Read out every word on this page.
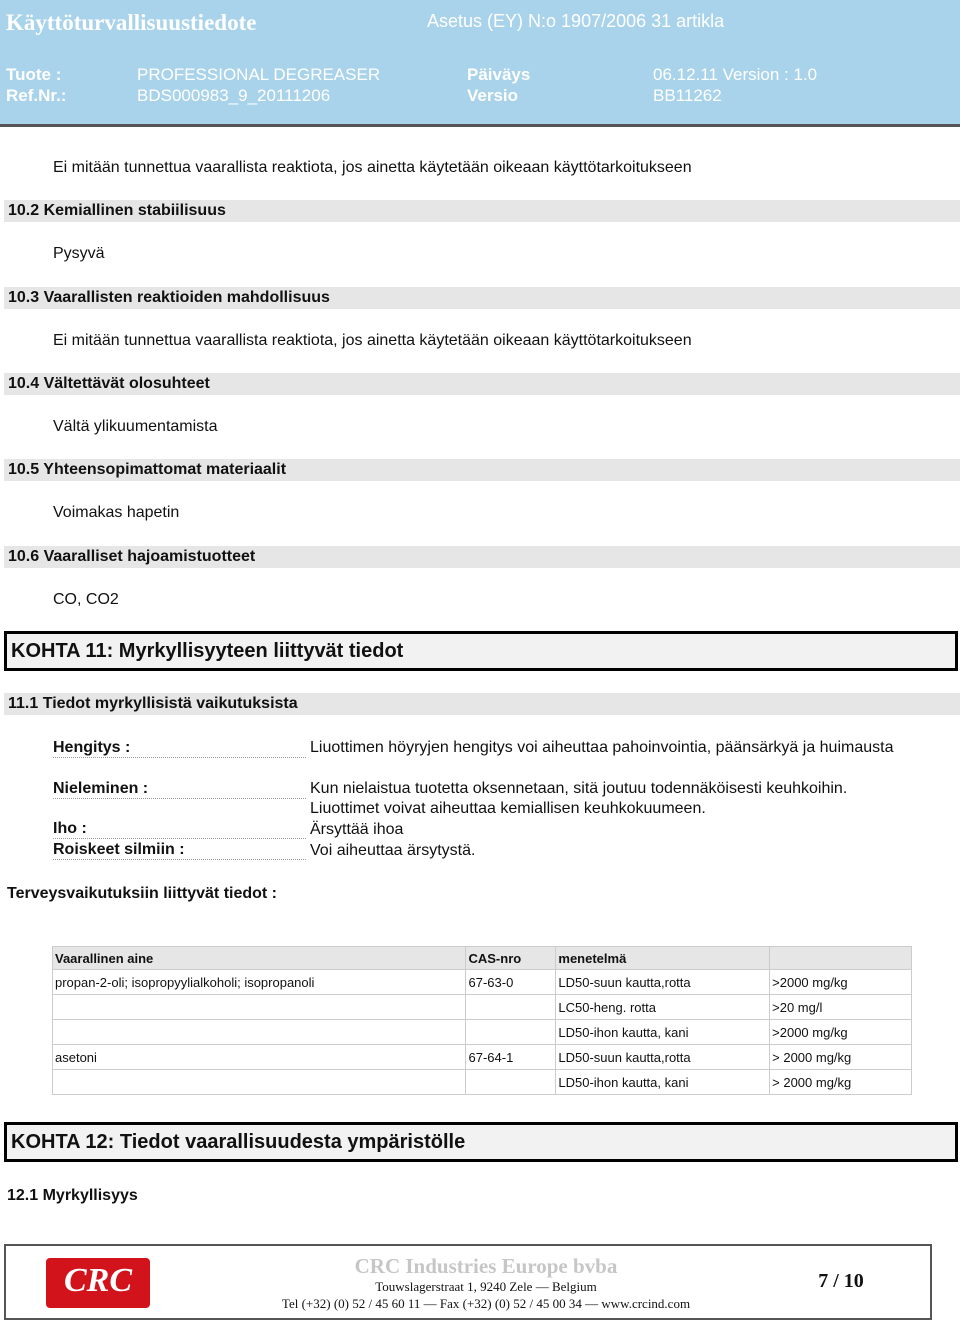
Käyttöturvallisuustiedote	Asetus (EY) N:o 1907/2006 31 artikla
Tuote :	PROFESSIONAL DEGREASER	Päiväys	06.12.11 Version : 1.0
Ref.Nr.:	BDS000983_9_20111206	Versio	BB11262
Ei mitään tunnettua vaarallista reaktiota, jos ainetta käytetään oikeaan käyttötarkoitukseen
10.2 Kemiallinen stabiilisuus
Pysyvä
10.3 Vaarallisten reaktioiden mahdollisuus
Ei mitään tunnettua vaarallista reaktiota, jos ainetta käytetään oikeaan käyttötarkoitukseen
10.4 Vältettävät olosuhteet
Vältä ylikuumentamista
10.5 Yhteensopimattomat materiaalit
Voimakas hapetin
10.6 Vaaralliset hajoamistuotteet
CO, CO2
KOHTA 11: Myrkyllisyyteen liittyvät tiedot
11.1 Tiedot myrkyllisistä vaikutuksista
Hengitys :	Liuottimen höyryjen hengitys voi aiheuttaa pahoinvointia, päänsärkyä ja huimausta
Nieleminen :	Kun nielaistua tuotetta oksennetaan, sitä joutuu todennäköisesti keuhkoihin. Liuottimet voivat aiheuttaa kemiallisen keuhkokuumeen.
Iho :	Ärsyttää ihoa
Roiskeet silmiin :	Voi aiheuttaa ärsytystä.
Terveysvaikutuksiin liittyvät tiedot :
Vaarallinen aine	CAS-nro	menetelmä	
propan-2-oli; isopropyylialkoholi; isopropanoli	67-63-0	LD50-suun kautta,rotta	>2000 mg/kg
		LC50-heng. rotta	>20 mg/l
		LD50-ihon kautta, kani	>2000 mg/kg
asetoni	67-64-1	LD50-suun kautta,rotta	> 2000 mg/kg
		LD50-ihon kautta, kani	> 2000 mg/kg
KOHTA 12: Tiedot vaarallisuudesta ympäristölle
12.1 Myrkyllisyys
CRC	CRC Industries Europe bvba
Touwslagerstraat 1, 9240 Zele — Belgium
Tel (+32) (0) 52 / 45 60 11 — Fax (+32) (0) 52 / 45 00 34 — www.crcind.com
7 / 10
